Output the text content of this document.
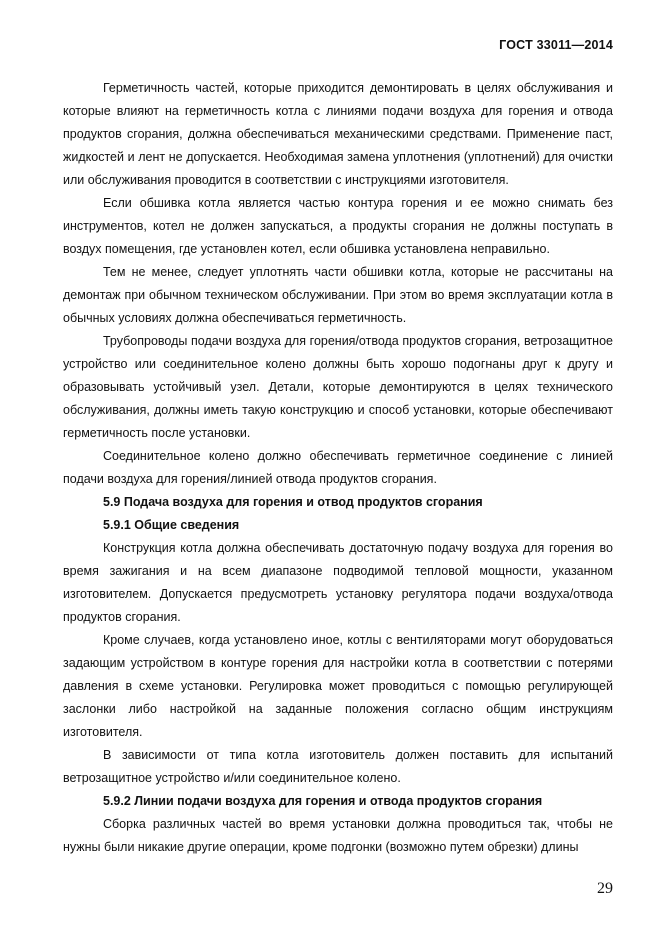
ГОСТ 33011—2014

Герметичность частей, которые приходится демонтировать в целях обслуживания и которые влияют на герметичность котла с линиями подачи воздуха для горения и отвода продуктов сгорания, должна обеспечиваться механическими средствами. Применение паст, жидкостей и лент не допускается. Необходимая замена уплотнения (уплотнений) для очистки или обслуживания проводится в соответствии с инструкциями изготовителя.

Если обшивка котла является частью контура горения и ее можно снимать без инструментов, котел не должен запускаться, а продукты сгорания не должны поступать в воздух помещения, где установлен котел, если обшивка установлена неправильно.

Тем не менее, следует уплотнять части обшивки котла, которые не рассчитаны на демонтаж при обычном техническом обслуживании. При этом во время эксплуатации котла в обычных условиях должна обеспечиваться герметичность.

Трубопроводы подачи воздуха для горения/отвода продуктов сгорания, ветрозащитное устройство или соединительное колено должны быть хорошо подогнаны друг к другу и образовывать устойчивый узел. Детали, которые демонтируются в целях технического обслуживания, должны иметь такую конструкцию и способ установки, которые обеспечивают герметичность после установки.

Соединительное колено должно обеспечивать герметичное соединение с линией подачи воздуха для горения/линией отвода продуктов сгорания.

5.9 Подача воздуха для горения и отвод продуктов сгорания
5.9.1 Общие сведения

Конструкция котла должна обеспечивать достаточную подачу воздуха для горения во время зажигания и на всем диапазоне подводимой тепловой мощности, указанном изготовителем. Допускается предусмотреть установку регулятора подачи воздуха/отвода продуктов сгорания.

Кроме случаев, когда установлено иное, котлы с вентиляторами могут оборудоваться задающим устройством в контуре горения для настройки котла в соответствии с потерями давления в схеме установки. Регулировка может проводиться с помощью регулирующей заслонки либо настройкой на заданные положения согласно общим инструкциям изготовителя.

В зависимости от типа котла изготовитель должен поставить для испытаний ветрозащитное устройство и/или соединительное колено.

5.9.2 Линии подачи воздуха для горения и отвода продуктов сгорания

Сборка различных частей во время установки должна проводиться так, чтобы не нужны были никакие другие операции, кроме подгонки (возможно путем обрезки) длины

29
